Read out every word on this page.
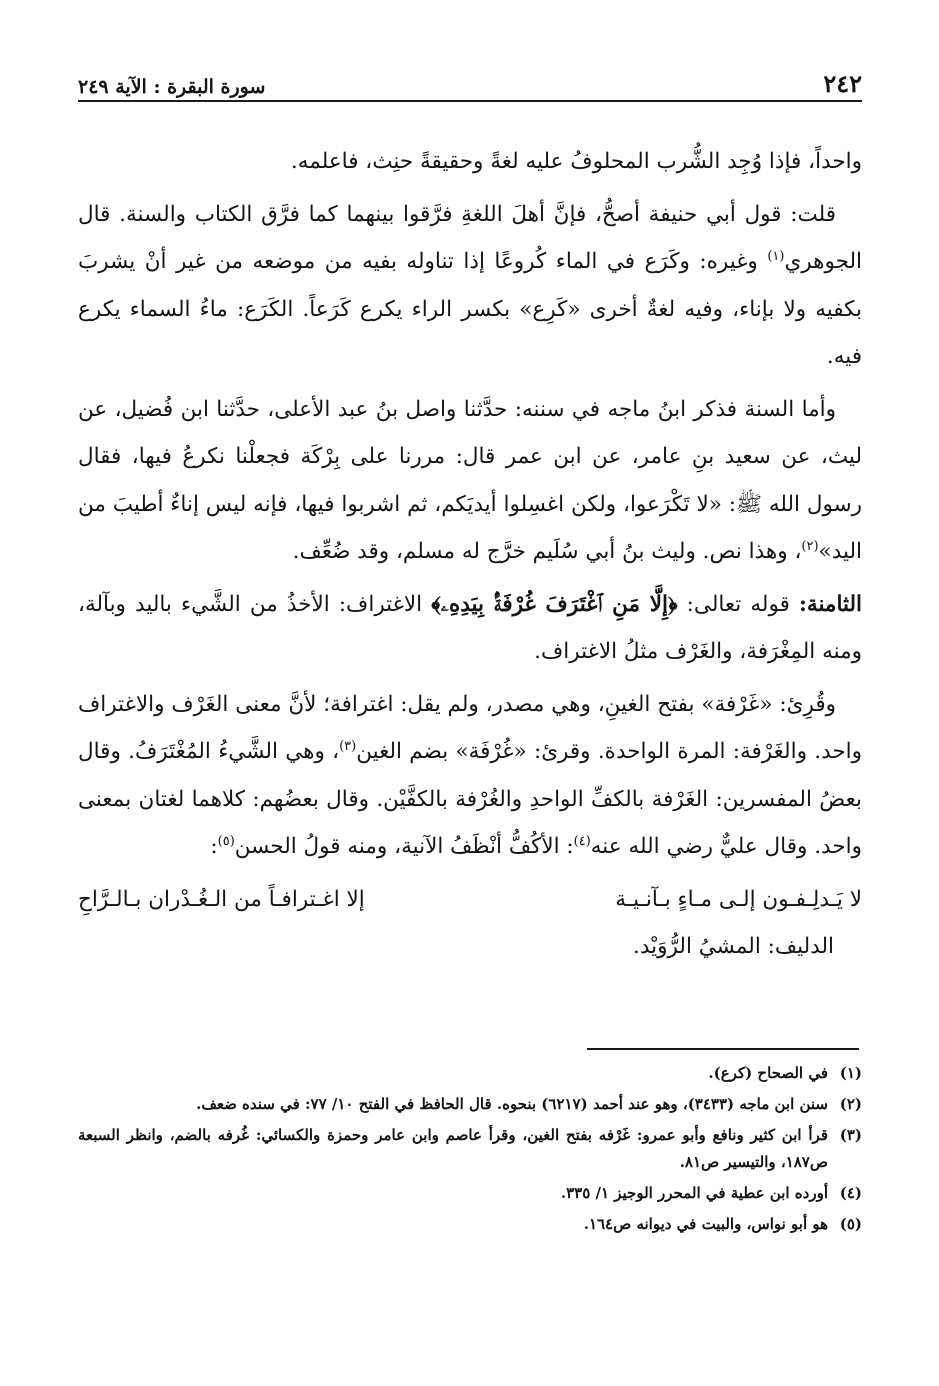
٢٤٢
سورة البقرة : الآية ٢٤٩

واحداً، فإذا وُجِد الشُّرب المحلوفُ عليه لغةً وحقيقةً حنِث، فاعلمه.

قلت: قول أبي حنيفة أصحُّ، فإنَّ أهلَ اللغةِ فرَّقوا بينهما كما فرَّق الكتاب والسنة. قال الجوهري$^{(١)}$ وغيره: وكَرَع في الماء كُروعًا إذا تناوله بفيه من موضعه من غير أنْ يشربَ بكفيه ولا بإناء، وفيه لغةٌ أخرى «كَرِع» بكسر الراء يكرع كَرَعاً. الكَرَع: ماءُ السماء يكرع فيه.

وأما السنة فذكر ابنُ ماجه في سننه: حدَّثنا واصل بنُ عبد الأعلى، حدَّثنا ابن فُضيل، عن ليث، عن سعيد بنِ عامر، عن ابن عمر قال: مررنا على بِرْكَة فجعلْنا نكرعُ فيها، فقال رسول الله ﷺ: «لا تَكْرَعوا، ولكن اغسِلوا أيديَكم، ثم اشربوا فيها، فإنه ليس إناءٌ أطيبَ من اليد»$^{(٢)}$، وهذا نص. وليث بنُ أبي سُلَيم خرَّج له مسلم، وقد ضُعِّف.

الثامنة: قوله تعالى: ﴿إِلَّا مَنِ ٱغْتَرَفَ غُرْفَةًۢ بِيَدِهِۦ﴾ الاغتراف: الأخذُ من الشَّيء باليد وبآلة، ومنه المِغْرَفة، والغَرْف مثلُ الاغتراف.

وقُرِئ: «غَرْفة» بفتح الغينِ، وهي مصدر، ولم يقل: اغترافة؛ لأنَّ معنى الغَرْف والاغتراف واحد. والغَرْفة: المرة الواحدة. وقرئ: «غُرْفَة» بضم الغين$^{(٣)}$، وهي الشَّيءُ المُغْتَرَفُ. وقال بعضُ المفسرين: الغَرْفة بالكفِّ الواحدِ والغُرْفة بالكفَّيْن. وقال بعضُهم: كلاهما لغتان بمعنى واحد. وقال عليٌّ رضي الله عنه$^{(٤)}$: الأكُفُّ أنْظَفُ الآنية، ومنه قولُ الحسن$^{(٥)}$:

لا يَـدلِـفـون إلـى مـاءٍ بـآنـيـة
إلا اغـترافـاً من الـغُـدْران بـالـرَّاحِ

الدليف: المشيُ الرُّوَيْد.

(١)
في الصحاح (كرع).
(٢)
سنن ابن ماجه (٣٤٣٣)، وهو عند أحمد (٦٢١٧) بنحوه. قال الحافظ في الفتح ١٠/ ٧٧: في سنده ضعف.
(٣)
قرأ ابن كثير ونافع وأبو عمرو: غَرْفه بفتح الغين، وقرأ عاصم وابن عامر وحمزة والكسائي: غُرفه بالضم، وانظر السبعة ص١٨٧، والتيسير ص٨١.
(٤)
أورده ابن عطية في المحرر الوجيز ١/ ٣٣٥.
(٥)
هو أبو نواس، والبيت في ديوانه ص١٦٤.
